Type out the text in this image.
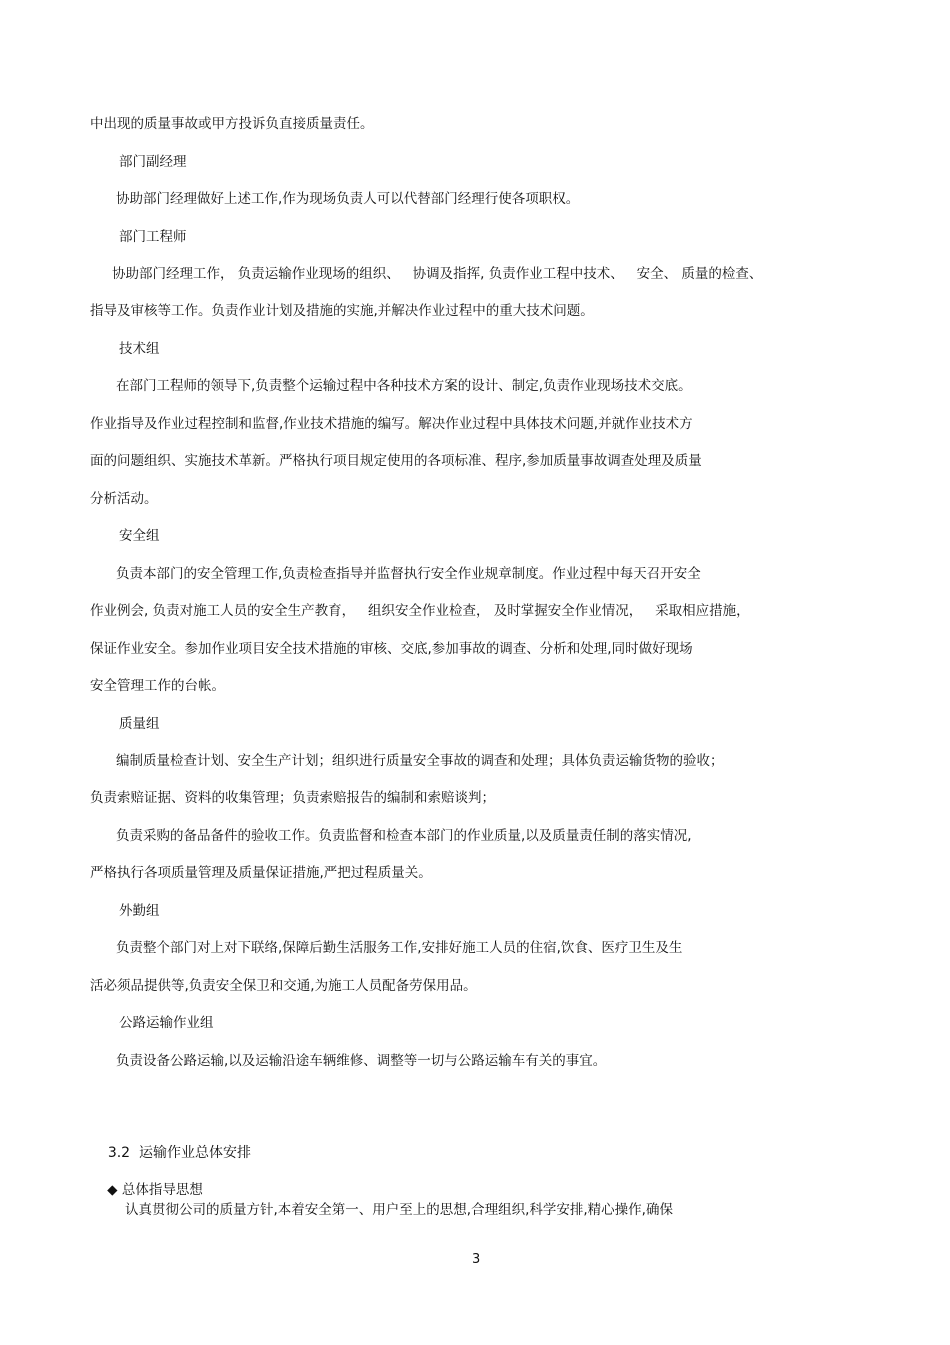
中出现的质量事故或甲方投诉负直接质量责任。
部门副经理
协助部门经理做好上述工作,作为现场负责人可以代替部门经理行使各项职权。
部门工程师
协助部门经理工作， 负责运输作业现场的组织、   协调及指挥, 负责作业工程中技术、   安全、 质量的检查、
指导及审核等工作。负责作业计划及措施的实施,并解决作业过程中的重大技术问题。
技术组
在部门工程师的领导下,负责整个运输过程中各种技术方案的设计、制定,负责作业现场技术交底。
作业指导及作业过程控制和监督,作业技术措施的编写。解决作业过程中具体技术问题,并就作业技术方
面的问题组织、实施技术革新。严格执行项目规定使用的各项标准、程序,参加质量事故调查处理及质量
分析活动。
安全组
负责本部门的安全管理工作,负责检查指导并监督执行安全作业规章制度。作业过程中每天召开安全
作业例会, 负责对施工人员的安全生产教育，   组织安全作业检查， 及时掌握安全作业情况，   采取相应措施，
保证作业安全。参加作业项目安全技术措施的审核、交底,参加事故的调查、分析和处理,同时做好现场
安全管理工作的台帐。
质量组
编制质量检查计划、安全生产计划；组织进行质量安全事故的调查和处理；具体负责运输货物的验收；
负责索赔证据、资料的收集管理；负责索赔报告的编制和索赔谈判；
负责采购的备品备件的验收工作。负责监督和检查本部门的作业质量,以及质量责任制的落实情况,
严格执行各项质量管理及质量保证措施,严把过程质量关。
外勤组
负责整个部门对上对下联络,保障后勤生活服务工作,安排好施工人员的住宿,饮食、医疗卫生及生
活必须品提供等,负责安全保卫和交通,为施工人员配备劳保用品。
公路运输作业组
负责设备公路运输,以及运输沿途车辆维修、调整等一切与公路运输车有关的事宜。

3.2 运输作业总体安排

◆ 总体指导思想

认真贯彻公司的质量方针,本着安全第一、用户至上的思想,合理组织,科学安排,精心操作,确保
3
